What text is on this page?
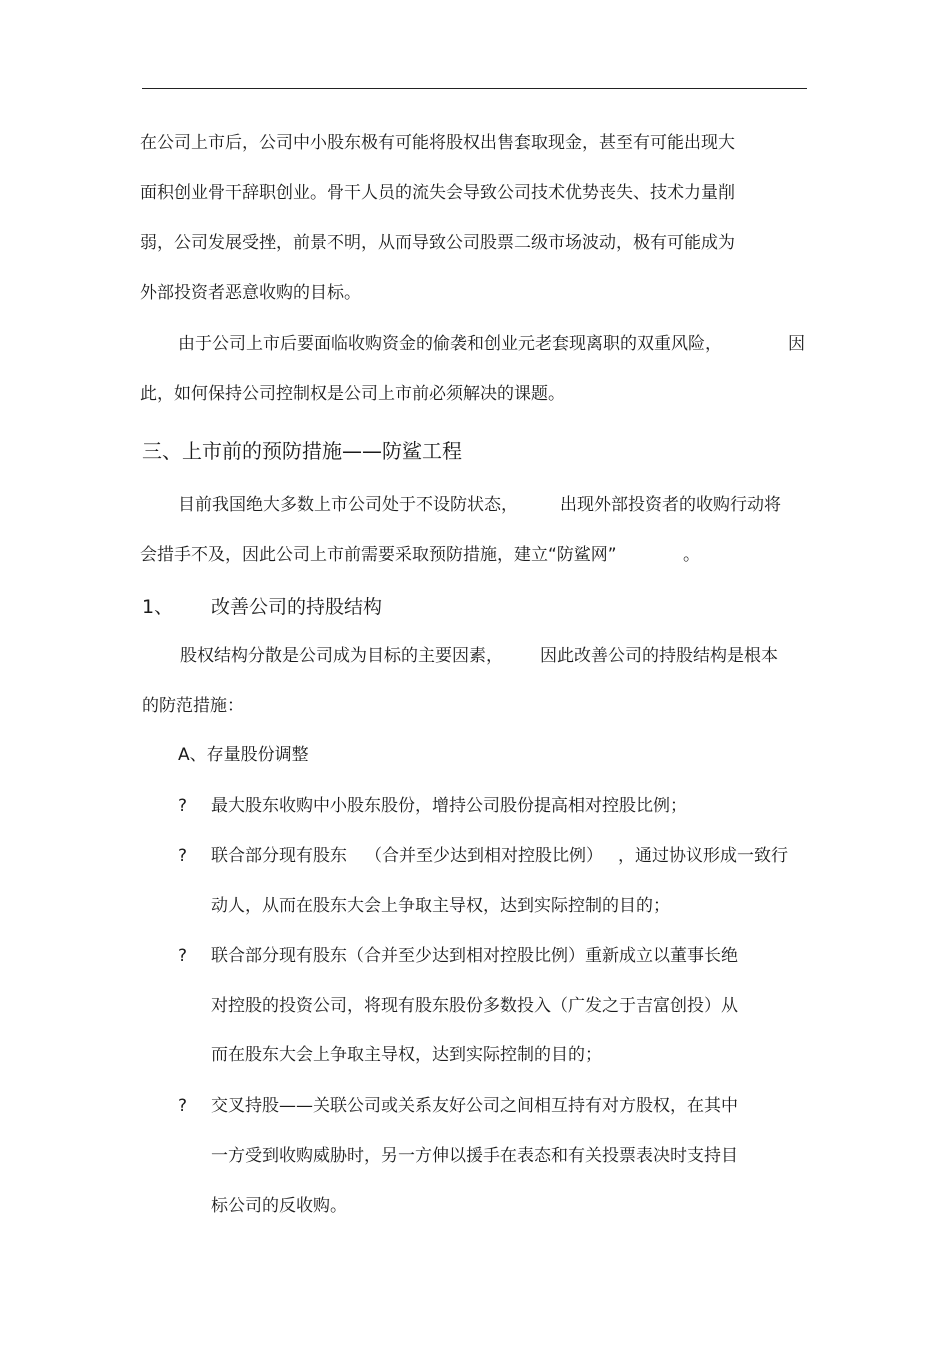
在公司上市后，公司中小股东极有可能将股权出售套取现金，甚至有可能出现大
面积创业骨干辞职创业。骨干人员的流失会导致公司技术优势丧失、技术力量削
弱，公司发展受挫，前景不明，从而导致公司股票二级市场波动，极有可能成为
外部投资者恶意收购的目标。
由于公司上市后要面临收购资金的偷袭和创业元老套现离职的双重风险，	因
此，如何保持公司控制权是公司上市前必须解决的课题。
三、上市前的预防措施——防鲨工程
目前我国绝大多数上市公司处于不设防状态， 出现外部投资者的收购行动将
会措手不及，因此公司上市前需要采取预防措施，建立“防鲨网”	。
1、 改善公司的持股结构
股权结构分散是公司成为目标的主要因素， 因此改善公司的持股结构是根本
的防范措施：
A、存量股份调整
? 最大股东收购中小股东股份，增持公司股份提高相对控股比例；
? 联合部分现有股东 （合并至少达到相对控股比例） ，通过协议形成一致行
动人，从而在股东大会上争取主导权，达到实际控制的目的；
? 联合部分现有股东（合并至少达到相对控股比例）重新成立以董事长绝
对控股的投资公司，将现有股东股份多数投入（广发之于吉富创投）从
而在股东大会上争取主导权，达到实际控制的目的；
? 交叉持股——关联公司或关系友好公司之间相互持有对方股权，在其中
一方受到收购威胁时，另一方伸以援手在表态和有关投票表决时支持目
标公司的反收购。
